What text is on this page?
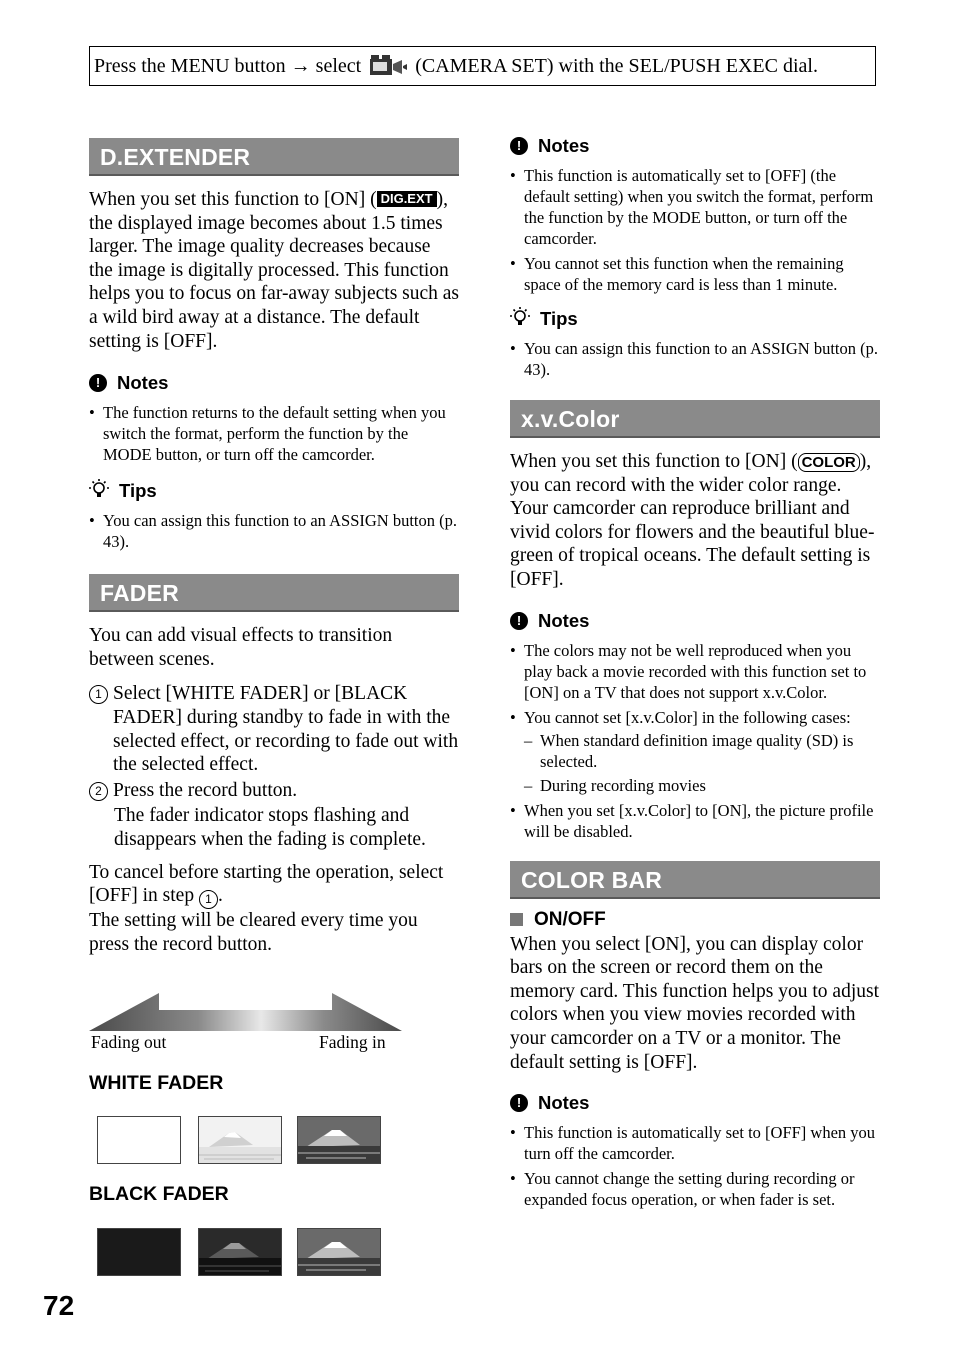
Press the MENU button → select	(CAMERA SET) with the SEL/PUSH EXEC dial.
D.EXTENDER

When you set this function to [ON] ( DIG.EXT ), the displayed image becomes about 1.5 times larger. The image quality decreases because the image is digitally processed. This function helps you to focus on far-away subjects such as a wild bird away at a distance. The default setting is [OFF].

! Notes
• The function returns to the default setting when you switch the format, perform the function by the MODE button, or turn off the camcorder.
Tips
• You can assign this function to an ASSIGN button (p. 43).
FADER

You can add visual effects to transition between scenes.

1 Select [WHITE FADER] or [BLACK FADER] during standby to fade in with the selected effect, or recording to fade out with the selected effect.
2 Press the record button.

The fader indicator stops flashing and disappears when the fading is complete.

To cancel before starting the operation, select [OFF] in step 1 .
The setting will be cleared every time you press the record button.

Fading out	Fading in
WHITE FADER
BLACK FADER
! Notes
• This function is automatically set to [OFF] (the default setting) when you switch the format, perform the function by the MODE button, or turn off the camcorder.
• You cannot set this function when the remaining space of the memory card is less than 1 minute.
Tips
• You can assign this function to an ASSIGN button (p. 43).
x.v.Color

When you set this function to [ON] ( COLOR ), you can record with the wider color range. Your camcorder can reproduce brilliant and vivid colors for flowers and the beautiful blue-green of tropical oceans. The default setting is [OFF].

! Notes
• The colors may not be well reproduced when you play back a movie recorded with this function set to [ON] on a TV that does not support x.v.Color.
• You cannot set [x.v.Color] in the following cases:
– When standard definition image quality (SD) is selected.
– During recording movies
• When you set [x.v.Color] to [ON], the picture profile will be disabled.
COLOR BAR
ON/OFF

When you select [ON], you can display color bars on the screen or record them on the memory card. This function helps you to adjust colors when you view movies recorded with your camcorder on a TV or a monitor. The default setting is [OFF].

! Notes
• This function is automatically set to [OFF] when you turn off the camcorder.
• You cannot change the setting during recording or expanded focus operation, or when fader is set.
72
